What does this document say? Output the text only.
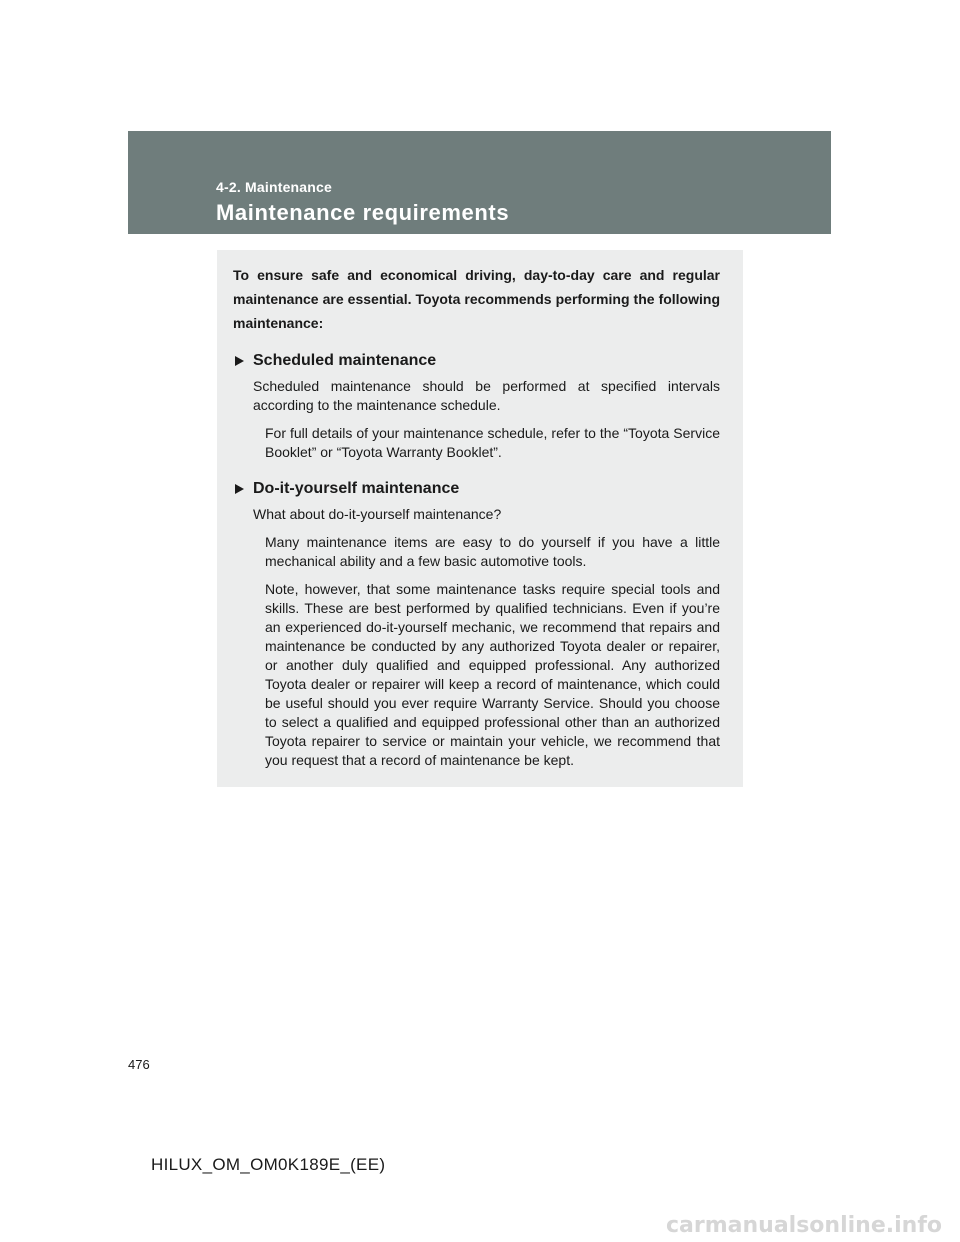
4-2. Maintenance
Maintenance requirements

To ensure safe and economical driving, day-to-day care and regular maintenance are essential. Toyota recommends performing the following maintenance:

Scheduled maintenance

Scheduled maintenance should be performed at specified intervals according to the maintenance schedule.

For full details of your maintenance schedule, refer to the “Toyota Service Booklet” or “Toyota Warranty Booklet”.

Do-it-yourself maintenance

What about do-it-yourself maintenance?

Many maintenance items are easy to do yourself if you have a little mechanical ability and a few basic automotive tools.

Note, however, that some maintenance tasks require special tools and skills. These are best performed by qualified technicians. Even if you’re an experienced do-it-yourself mechanic, we recommend that repairs and maintenance be conducted by any authorized Toyota dealer or repairer, or another duly qualified and equipped professional. Any authorized Toyota dealer or repairer will keep a record of maintenance, which could be useful should you ever require Warranty Service. Should you choose to select a qualified and equipped professional other than an authorized Toyota repairer to service or maintain your vehicle, we recommend that you request that a record of maintenance be kept.

476
HILUX_OM_OM0K189E_(EE)
carmanualsonline.info
